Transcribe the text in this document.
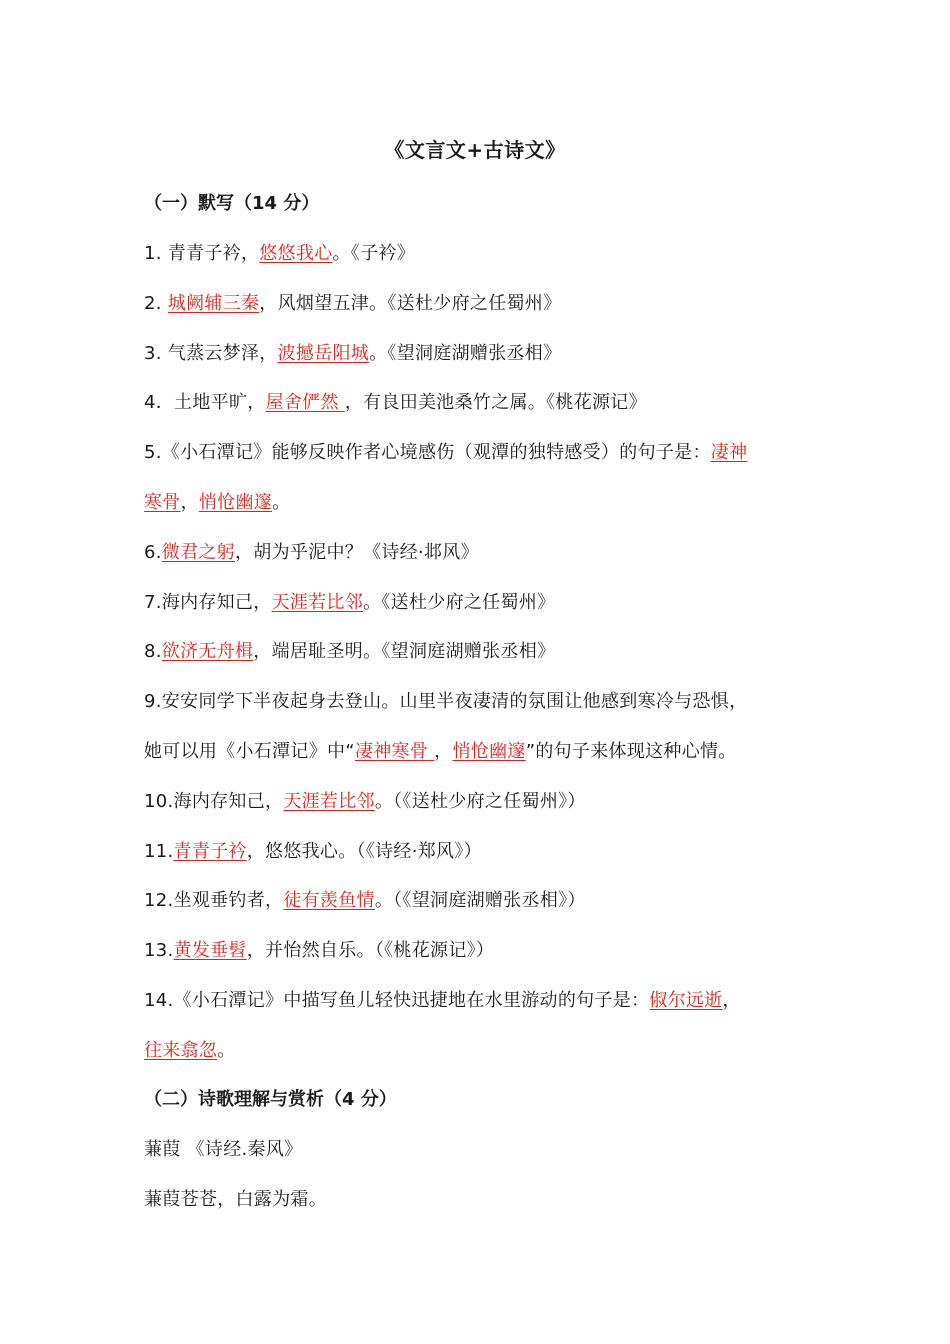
《文言文+古诗文》
（一）默写（14 分）
1. 青青子衿，悠悠我心。《子衿》
2. 城阙辅三秦，风烟望五津。《送杜少府之任蜀州》
3. 气蒸云梦泽，波撼岳阳城。《望洞庭湖赠张丞相》
4．土地平旷，屋舍俨然 ，有良田美池桑竹之属。《桃花源记》
5.《小石潭记》能够反映作者心境感伤（观潭的独特感受）的句子是：凄神
寒骨，悄怆幽邃。
6.微君之躬，胡为乎泥中？《诗经·邶风》
7.海内存知己，天涯若比邻。《送杜少府之任蜀州》
8.欲济无舟楫，端居耻圣明。《望洞庭湖赠张丞相》
9.安安同学下半夜起身去登山。山里半夜凄清的氛围让他感到寒冷与恐惧，
她可以用《小石潭记》中“凄神寒骨 ，悄怆幽邃”的句子来体现这种心情。
10.海内存知己，天涯若比邻。（《送杜少府之任蜀州》）
11.青青子衿，悠悠我心。（《诗经·郑风》）
12.坐观垂钓者，徒有羡鱼情。（《望洞庭湖赠张丞相》）
13.黄发垂髫，并怡然自乐。（《桃花源记》）
14.《小石潭记》中描写鱼儿轻快迅捷地在水里游动的句子是：俶尔远逝，
往来翕忽。
（二）诗歌理解与赏析（4 分）
蒹葭 《诗经.秦风》
蒹葭苍苍，白露为霜。
